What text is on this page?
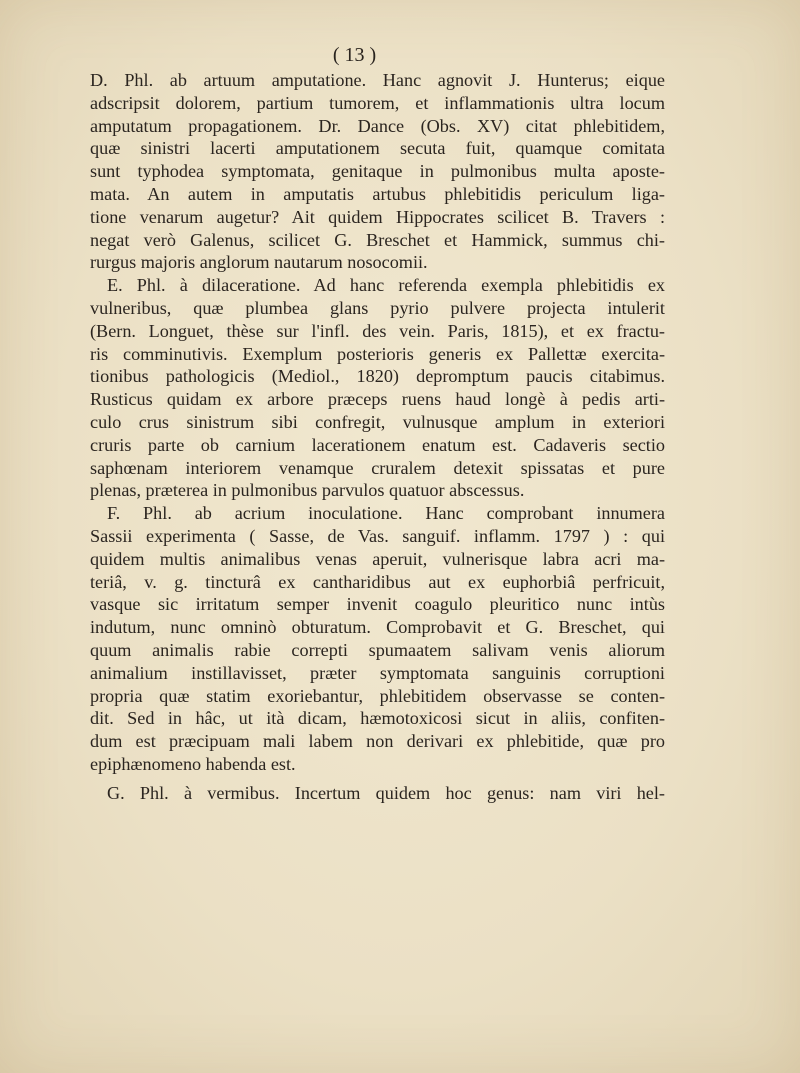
( 13 )
D. Phl. ab artuum amputatione. Hanc agnovit J. Hunterus; eique
adscripsit dolorem, partium tumorem, et inflammationis ultra locum
amputatum propagationem. Dr. Dance (Obs. XV) citat phlebitidem,
quæ sinistri lacerti amputationem secuta fuit, quamque comitata
sunt typhodea symptomata, genitaque in pulmonibus multa aposte-
mata. An autem in amputatis artubus phlebitidis periculum liga-
tione venarum augetur? Ait quidem Hippocrates scilicet B. Travers :
negat verò Galenus, scilicet G. Breschet et Hammick, summus chi-
rurgus majoris anglorum nautarum nosocomii.
E. Phl. à dilaceratione. Ad hanc referenda exempla phlebitidis ex
vulneribus, quæ plumbea glans pyrio pulvere projecta intulerit
(Bern. Longuet, thèse sur l'infl. des vein. Paris, 1815), et ex fractu-
ris comminutivis. Exemplum posterioris generis ex Pallettæ exercita-
tionibus pathologicis (Mediol., 1820) depromptum paucis citabimus.
Rusticus quidam ex arbore præceps ruens haud longè à pedis arti-
culo crus sinistrum sibi confregit, vulnusque amplum in exteriori
cruris parte ob carnium lacerationem enatum est. Cadaveris sectio
saphœnam interiorem venamque cruralem detexit spissatas et pure
plenas, præterea in pulmonibus parvulos quatuor abscessus.
F. Phl. ab acrium inoculatione. Hanc comprobant innumera
Sassii experimenta ( Sasse, de Vas. sanguif. inflamm. 1797 ) : qui
quidem multis animalibus venas aperuit, vulnerisque labra acri ma-
teriâ, v. g. tincturâ ex cantharidibus aut ex euphorbiâ perfricuit,
vasque sic irritatum semper invenit coagulo pleuritico nunc intùs
indutum, nunc omninò obturatum. Comprobavit et G. Breschet, qui
quum animalis rabie correpti spumaatem salivam venis aliorum
animalium instillavisset, præter symptomata sanguinis corruptioni
propria quæ statim exoriebantur, phlebitidem observasse se conten-
dit. Sed in hâc, ut ità dicam, hæmotoxicosi sicut in aliis, confiten-
dum est præcipuam mali labem non derivari ex phlebitide, quæ pro
epiphænomeno habenda est.
G. Phl. à vermibus. Incertum quidem hoc genus: nam viri hel-
